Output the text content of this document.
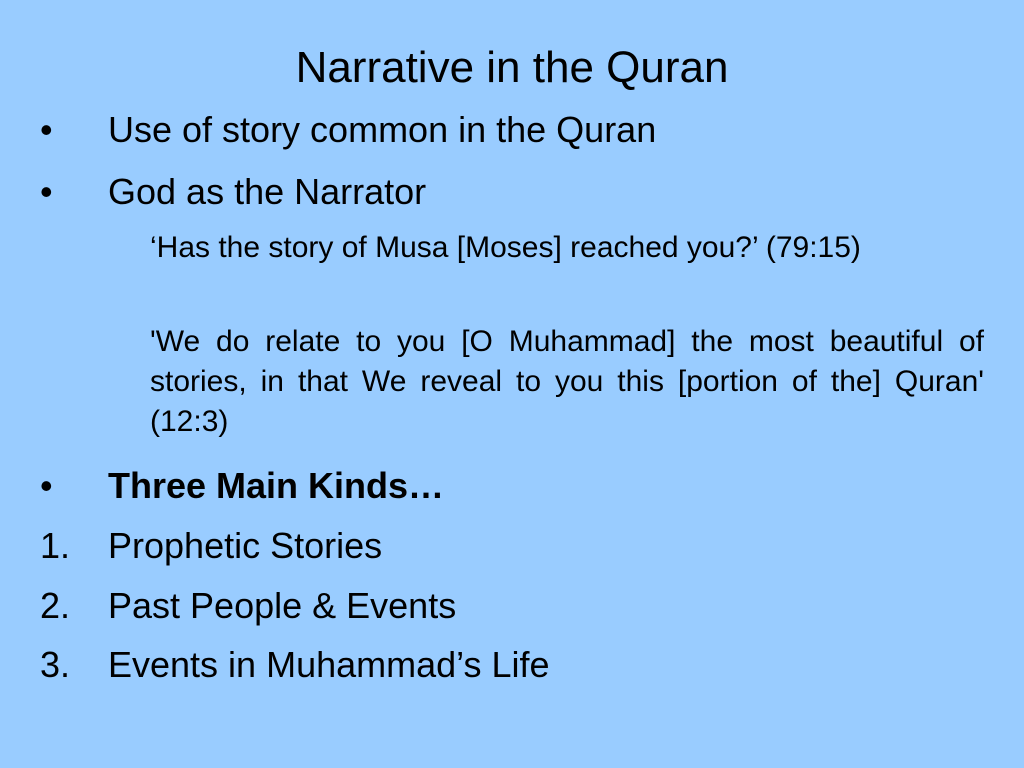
Narrative in the Quran
•	Use of story common in the Quran
•	God as the Narrator
‘Has the story of Musa [Moses] reached you?’ (79:15)
'We do relate to you [O Muhammad] the most beautiful of stories, in that We reveal to you this [portion of the] Quran' (12:3)
•	Three Main Kinds…
1.	Prophetic Stories
2.	Past People & Events
3.	Events in Muhammad’s Life
